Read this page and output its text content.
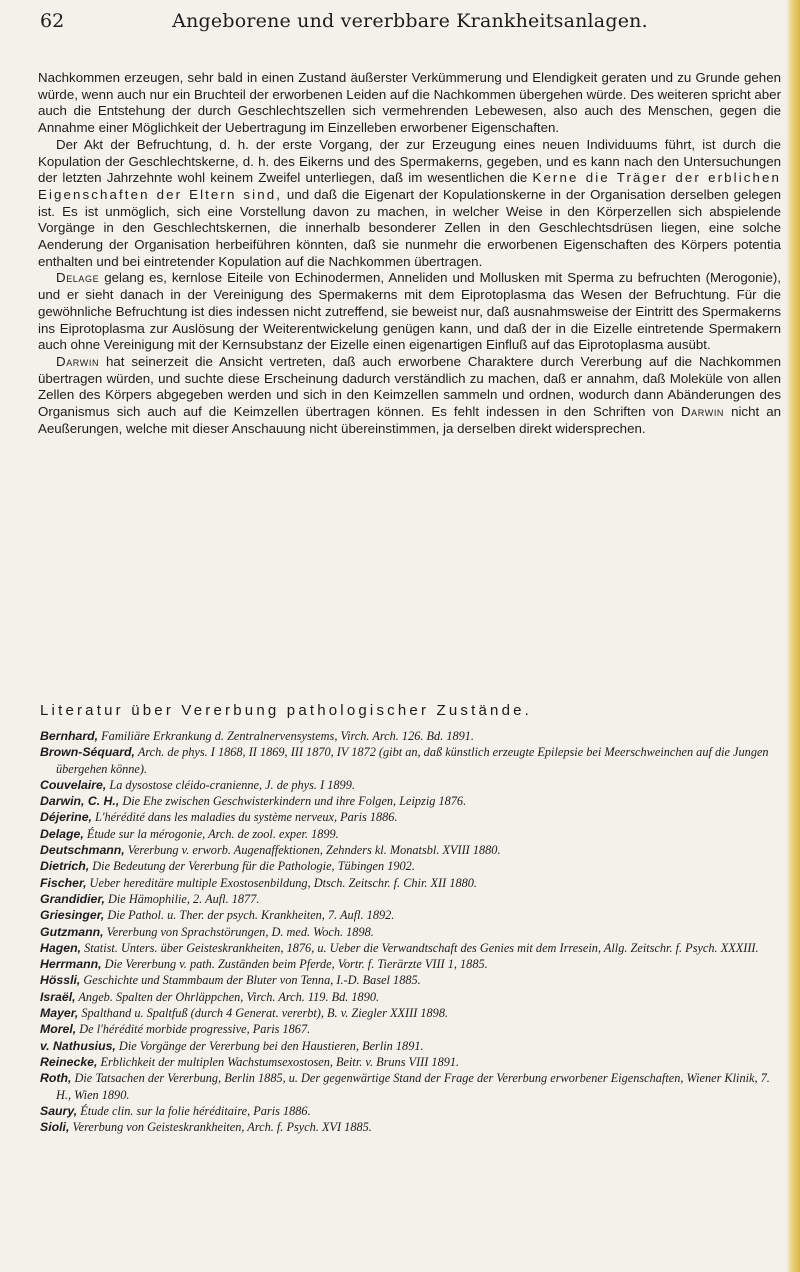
Angeborene und vererbbare Krankheitsanlagen.
62

Nachkommen erzeugen, sehr bald in einen Zustand äußerster Verkümmerung und Elendigkeit geraten und zu Grunde gehen würde, wenn auch nur ein Bruchteil der erworbenen Leiden auf die Nachkommen übergehen würde. Des weiteren spricht aber auch die Entstehung der durch Geschlechtszellen sich vermehrenden Lebewesen, also auch des Menschen, gegen die Annahme einer Möglichkeit der Uebertragung im Einzelleben erworbener Eigenschaften.

Der Akt der Befruchtung, d. h. der erste Vorgang, der zur Erzeugung eines neuen Individuums führt, ist durch die Kopulation der Geschlechtskerne, d. h. des Eikerns und des Spermakerns, gegeben, und es kann nach den Untersuchungen der letzten Jahrzehnte wohl keinem Zweifel unterliegen, daß im wesentlichen die Kerne die Träger der erblichen Eigenschaften der Eltern sind, und daß die Eigenart der Kopulationskerne in der Organisation derselben gelegen ist. Es ist unmöglich, sich eine Vorstellung davon zu machen, in welcher Weise in den Körperzellen sich abspielende Vorgänge in den Geschlechtskernen, die innerhalb besonderer Zellen in den Geschlechtsdrüsen liegen, eine solche Aenderung der Organisation herbeiführen könnten, daß sie nunmehr die erworbenen Eigenschaften des Körpers potentia enthalten und bei eintretender Kopulation auf die Nachkommen übertragen.

Delage gelang es, kernlose Eiteile von Echinodermen, Anneliden und Mollusken mit Sperma zu befruchten (Merogonie), und er sieht danach in der Vereinigung des Spermakerns mit dem Eiprotoplasma das Wesen der Befruchtung. Für die gewöhnliche Befruchtung ist dies indessen nicht zutreffend, sie beweist nur, daß ausnahmsweise der Eintritt des Spermakerns ins Eiprotoplasma zur Auslösung der Weiterentwickelung genügen kann, und daß der in die Eizelle eintretende Spermakern auch ohne Vereinigung mit der Kernsubstanz der Eizelle einen eigenartigen Einfluß auf das Eiprotoplasma ausübt.

Darwin hat seinerzeit die Ansicht vertreten, daß auch erworbene Charaktere durch Vererbung auf die Nachkommen übertragen würden, und suchte diese Erscheinung dadurch verständlich zu machen, daß er annahm, daß Moleküle von allen Zellen des Körpers abgegeben werden und sich in den Keimzellen sammeln und ordnen, wodurch dann Abänderungen des Organismus sich auch auf die Keimzellen übertragen können. Es fehlt indessen in den Schriften von Darwin nicht an Aeußerungen, welche mit dieser Anschauung nicht übereinstimmen, ja derselben direkt widersprechen.

Literatur über Vererbung pathologischer Zustände.
Bernhard, Familiäre Erkrankung d. Zentralnervensystems, Virch. Arch. 126. Bd. 1891.
Brown-Séquard, Arch. de phys. I 1868, II 1869, III 1870, IV 1872 (gibt an, daß künstlich erzeugte Epilepsie bei Meerschweinchen auf die Jungen übergehen könne).
Couvelaire, La dysostose cléido-cranienne, J. de phys. I 1899.
Darwin, C. H., Die Ehe zwischen Geschwisterkindern und ihre Folgen, Leipzig 1876.
Déjerine, L'hérédité dans les maladies du système nerveux, Paris 1886.
Delage, Étude sur la mérogonie, Arch. de zool. exper. 1899.
Deutschmann, Vererbung v. erworb. Augenaffektionen, Zehnders kl. Monatsbl. XVIII 1880.
Dietrich, Die Bedeutung der Vererbung für die Pathologie, Tübingen 1902.
Fischer, Ueber hereditäre multiple Exostosenbildung, Dtsch. Zeitschr. f. Chir. XII 1880.
Grandidier, Die Hämophilie, 2. Aufl. 1877.
Griesinger, Die Pathol. u. Ther. der psych. Krankheiten, 7. Aufl. 1892.
Gutzmann, Vererbung von Sprachstörungen, D. med. Woch. 1898.
Hagen, Statist. Unters. über Geisteskrankheiten, 1876, u. Ueber die Verwandtschaft des Genies mit dem Irresein, Allg. Zeitschr. f. Psych. XXXIII.
Herrmann, Die Vererbung v. path. Zuständen beim Pferde, Vortr. f. Tierärzte VIII 1, 1885.
Hössli, Geschichte und Stammbaum der Bluter von Tenna, I.-D. Basel 1885.
Israël, Angeb. Spalten der Ohrläppchen, Virch. Arch. 119. Bd. 1890.
Mayer, Spalthand u. Spaltfuß (durch 4 Generat. vererbt), B. v. Ziegler XXIII 1898.
Morel, De l'hérédité morbide progressive, Paris 1867.
v. Nathusius, Die Vorgänge der Vererbung bei den Haustieren, Berlin 1891.
Reinecke, Erblichkeit der multiplen Wachstumsexostosen, Beitr. v. Bruns VIII 1891.
Roth, Die Tatsachen der Vererbung, Berlin 1885, u. Der gegenwärtige Stand der Frage der Vererbung erworbener Eigenschaften, Wiener Klinik, 7. H., Wien 1890.
Saury, Étude clin. sur la folie héréditaire, Paris 1886.
Sioli, Vererbung von Geisteskrankheiten, Arch. f. Psych. XVI 1885.
